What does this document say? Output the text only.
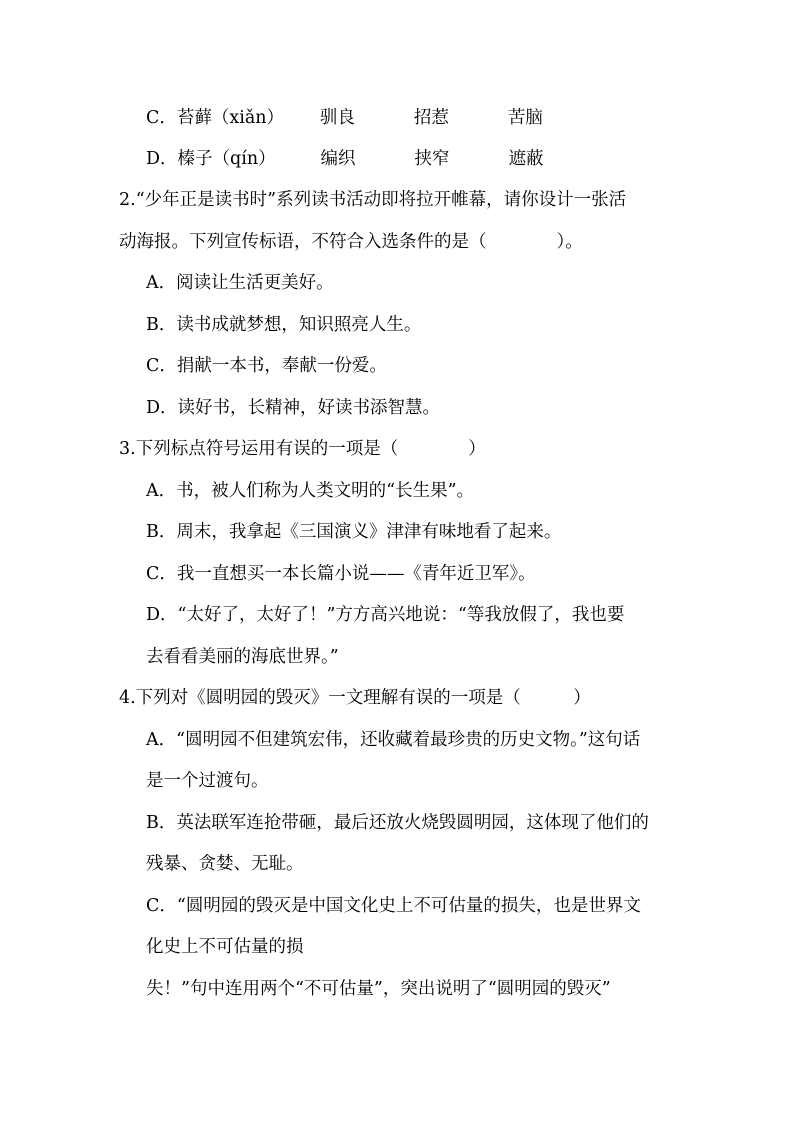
C．苔藓（xiǎn） 驯良	招惹	苦脑
D．榛子（qín）	编织	挟窄	遮蔽
2.“少年正是读书时”系列读书活动即将拉开帷幕，请你设计一张活
动海报。下列宣传标语，不符合入选条件的是（　　　　）。
A．阅读让生活更美好。
B．读书成就梦想，知识照亮人生。
C．捐献一本书，奉献一份爱。
D．读好书，长精神，好读书添智慧。
3.下列标点符号运用有误的一项是（　　　　）
A．书，被人们称为人类文明的“长生果”。
B．周末，我拿起《三国演义》津津有味地看了起来。
C．我一直想买一本长篇小说——《青年近卫军》。
D．“太好了，太好了！”方方高兴地说：“等我放假了，我也要
去看看美丽的海底世界。”
4.下列对《圆明园的毁灭》一文理解有误的一项是（　　　）
A．“圆明园不但建筑宏伟，还收藏着最珍贵的历史文物。”这句话
是一个过渡句。
B．英法联军连抢带砸，最后还放火烧毁圆明园，这体现了他们的
残暴、贪婪、无耻。
C．“圆明园的毁灭是中国文化史上不可估量的损失，也是世界文
化史上不可估量的损
失！”句中连用两个“不可估量”，突出说明了“圆明园的毁灭”
